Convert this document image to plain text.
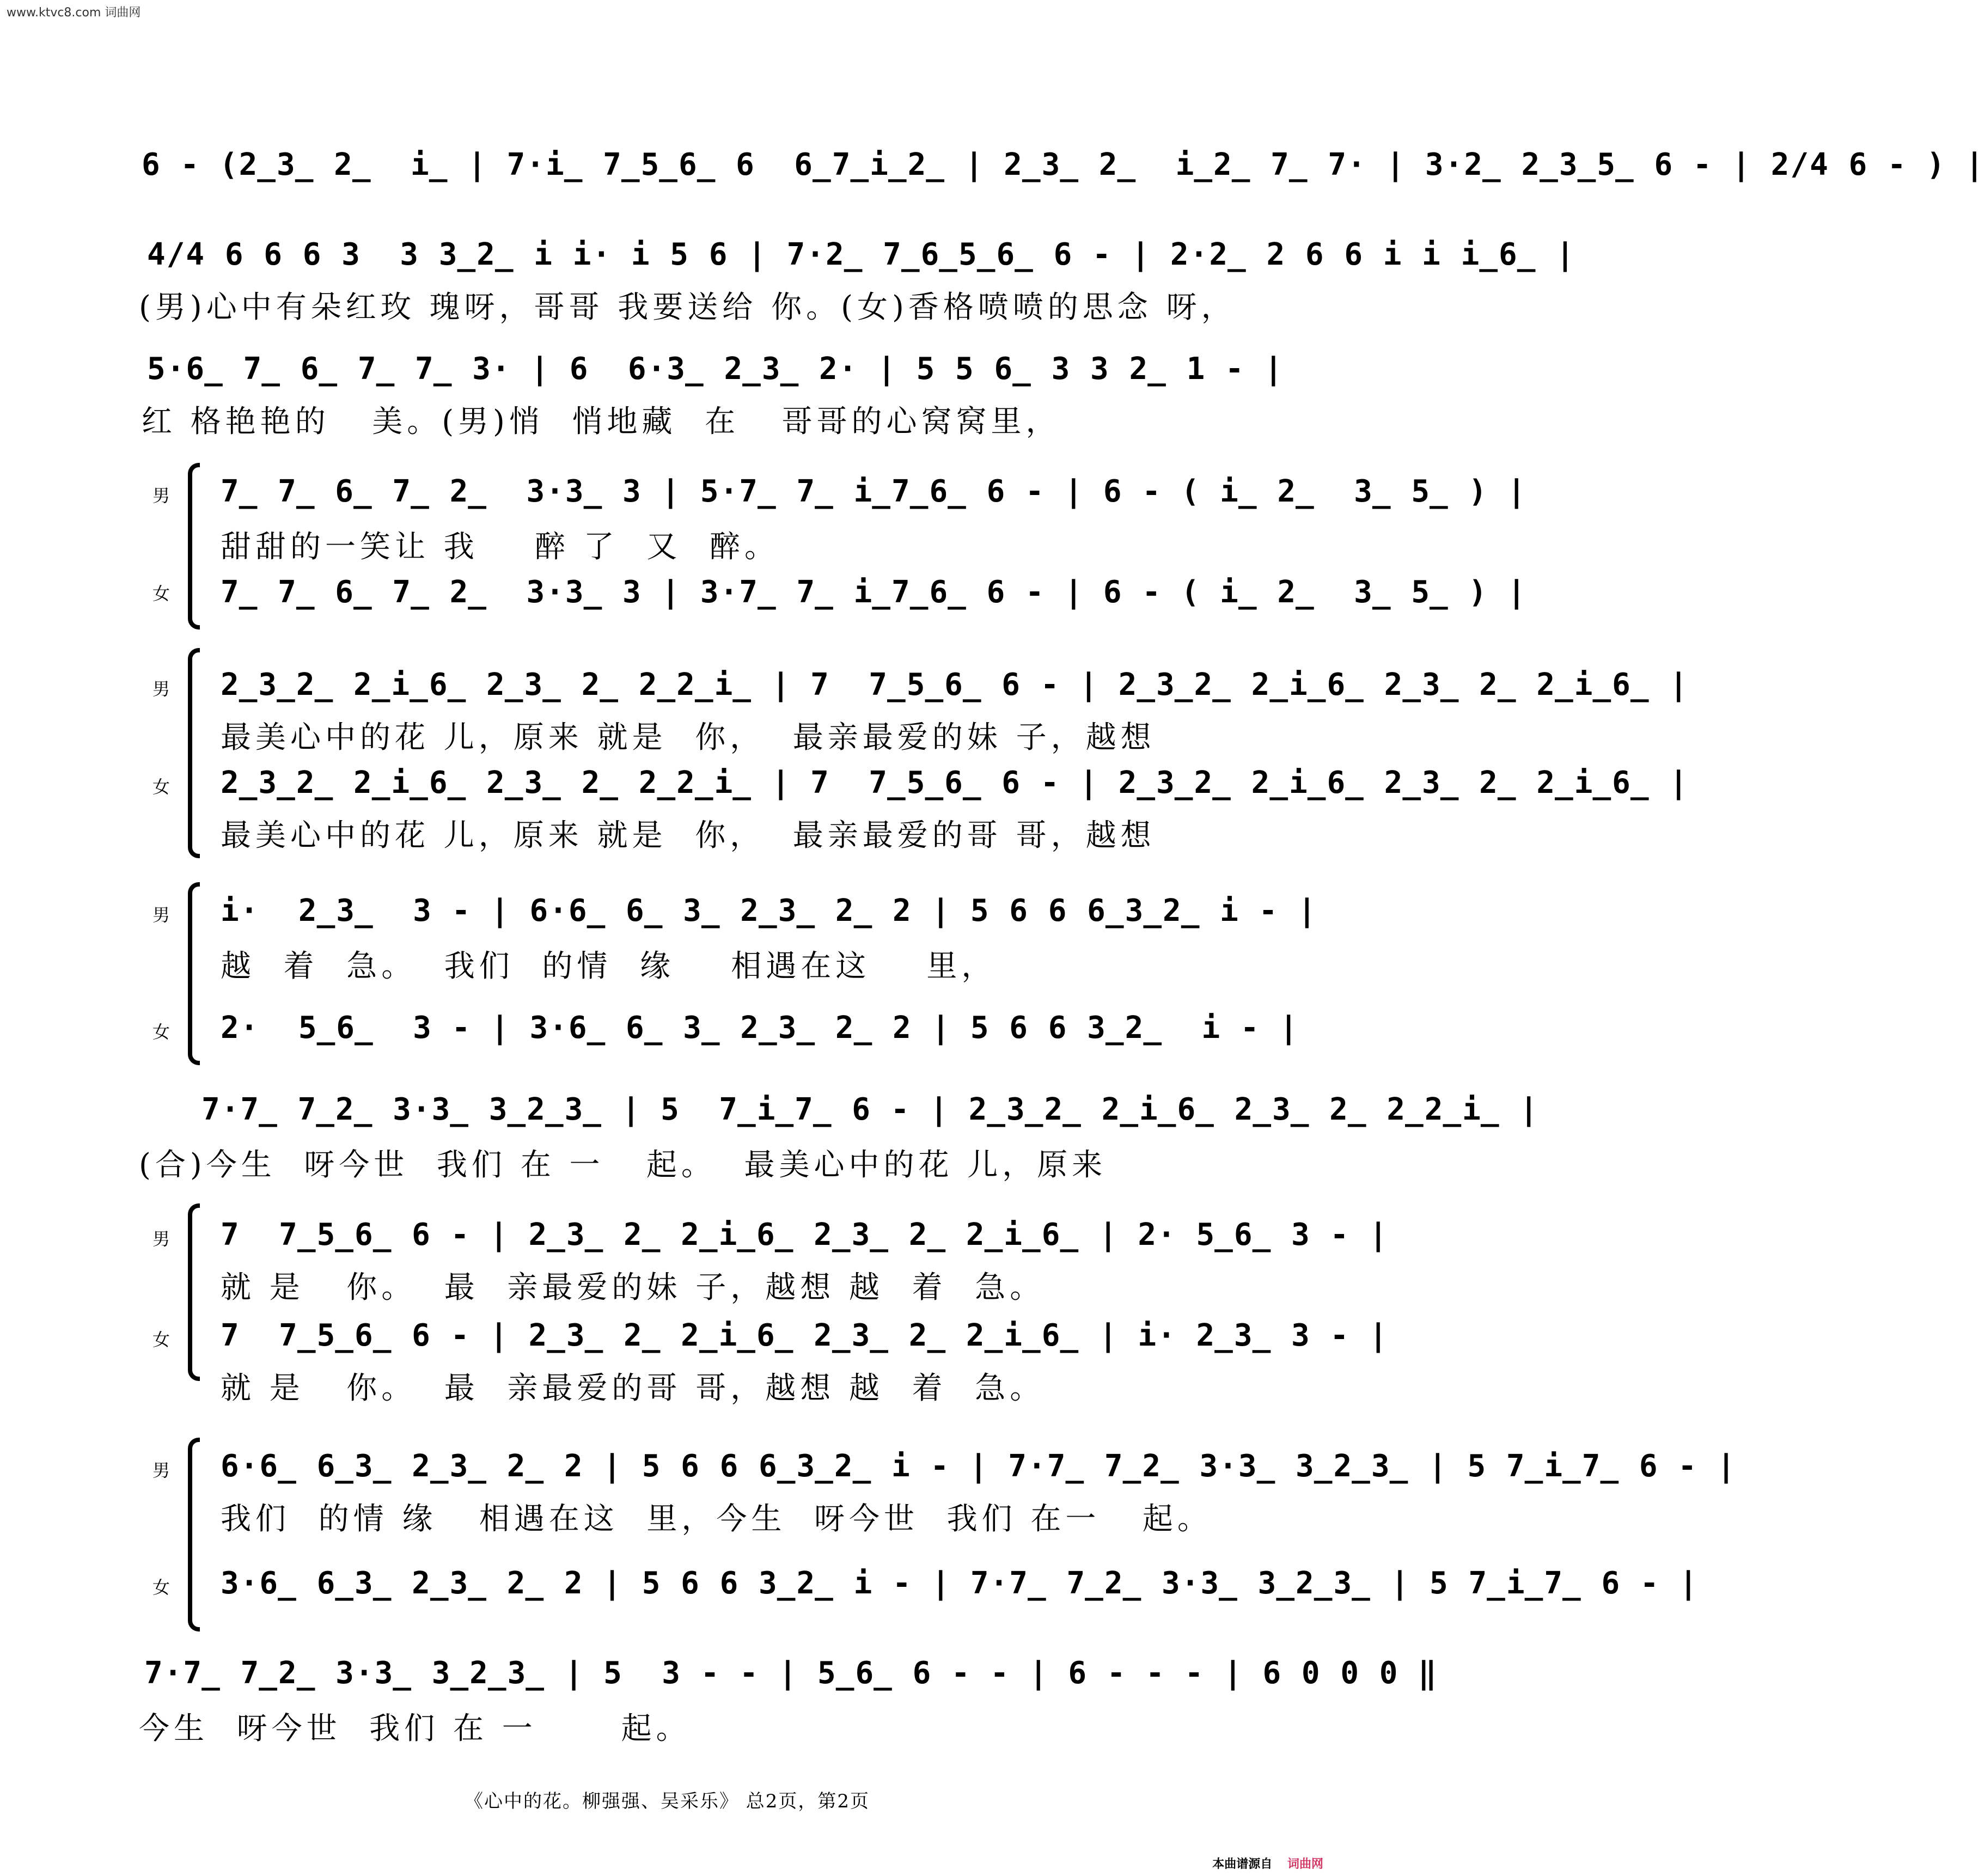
www.ktvc8.com 词曲网
6 - (2̲3̲ 2̲  i̲ | 7·i̲ 7̲5̲6̲ 6  6̲7̲i̲2̲ | 2̲3̲ 2̲  i̲2̲ 7̲ 7· | 3·2̲ 2̲3̲5̲ 6 - | 2/4 6 - ) |
4/4 6 6 6 3  3 3̲2̲ i i· i 5 6 | 7·2̲ 7̲6̲5̲6̲ 6 - | 2·2̲ 2 6 6 i i i̲6̲ |
(男)心中有朵红玫 瑰呀，哥哥 我要送给 你。(女)香格喷喷的思念 呀，
5·6̲ 7̲ 6̲ 7̲ 7̲ 3· | 6  6·3̲ 2̲3̲ 2· | 5 5 6̲ 3 3 2̲ 1 - |
红 格艳艳的   美。(男)悄  悄地藏  在   哥哥的心窝窝里，
男 7̲ 7̲ 6̲ 7̲ 2̲  3·3̲ 3 | 5·7̲ 7̲ i̲7̲6̲ 6 - | 6 - ( i̲ 2̲  3̲ 5̲ ) |
甜甜的一笑让 我    醉 了  又  醉。
女 7̲ 7̲ 6̲ 7̲ 2̲  3·3̲ 3 | 3·7̲ 7̲ i̲7̲6̲ 6 - | 6 - ( i̲ 2̲  3̲ 5̲ ) |
男 2̲3̲2̲ 2̲i̲6̲ 2̲3̲ 2̲ 2̲2̲i̲ | 7  7̲5̲6̲ 6 - | 2̲3̲2̲ 2̲i̲6̲ 2̲3̲ 2̲ 2̲i̲6̲ |
最美心中的花 儿，原来 就是  你，  最亲最爱的妹 子，越想
女 2̲3̲2̲ 2̲i̲6̲ 2̲3̲ 2̲ 2̲2̲i̲ | 7  7̲5̲6̲ 6 - | 2̲3̲2̲ 2̲i̲6̲ 2̲3̲ 2̲ 2̲i̲6̲ |
最美心中的花 儿，原来 就是  你，  最亲最爱的哥 哥，越想
男 i·  2̲3̲  3 - | 6·6̲ 6̲ 3̲ 2̲3̲ 2̲ 2 | 5 6 6 6̲3̲2̲ i - |
越  着  急。  我们  的情  缘    相遇在这    里，
女 2·  5̲6̲  3 - | 3·6̲ 6̲ 3̲ 2̲3̲ 2̲ 2 | 5 6 6 3̲2̲  i - |
7·7̲ 7̲2̲ 3·3̲ 3̲2̲3̲ | 5  7̲i̲7̲ 6 - | 2̲3̲2̲ 2̲i̲6̲ 2̲3̲ 2̲ 2̲2̲i̲ |
(合)今生  呀今世  我们 在 一   起。  最美心中的花 儿，原来
男 7  7̲5̲6̲ 6 - | 2̲3̲ 2̲ 2̲i̲6̲ 2̲3̲ 2̲ 2̲i̲6̲ | 2· 5̲6̲ 3 - |
就 是   你。  最  亲最爱的妹 子，越想 越  着  急。
女 7  7̲5̲6̲ 6 - | 2̲3̲ 2̲ 2̲i̲6̲ 2̲3̲ 2̲ 2̲i̲6̲ | i· 2̲3̲ 3 - |
就 是   你。  最  亲最爱的哥 哥，越想 越  着  急。
男 6·6̲ 6̲3̲ 2̲3̲ 2̲ 2 | 5 6 6 6̲3̲2̲ i - | 7·7̲ 7̲2̲ 3·3̲ 3̲2̲3̲ | 5 7̲i̲7̲ 6 - |
我们  的情 缘   相遇在这  里，今生  呀今世  我们 在一   起。
女 3·6̲ 6̲3̲ 2̲3̲ 2̲ 2 | 5 6 6 3̲2̲ i - | 7·7̲ 7̲2̲ 3·3̲ 3̲2̲3̲ | 5 7̲i̲7̲ 6 - |
7·7̲ 7̲2̲ 3·3̲ 3̲2̲3̲ | 5  3 - - | 5̲6̲ 6 - - | 6 - - - | 6 0 0 0 ‖
今生  呀今世  我们 在 一      起。
《心中的花。柳强强、吴采乐》 总2页，第2页
本曲谱源自 词曲网
